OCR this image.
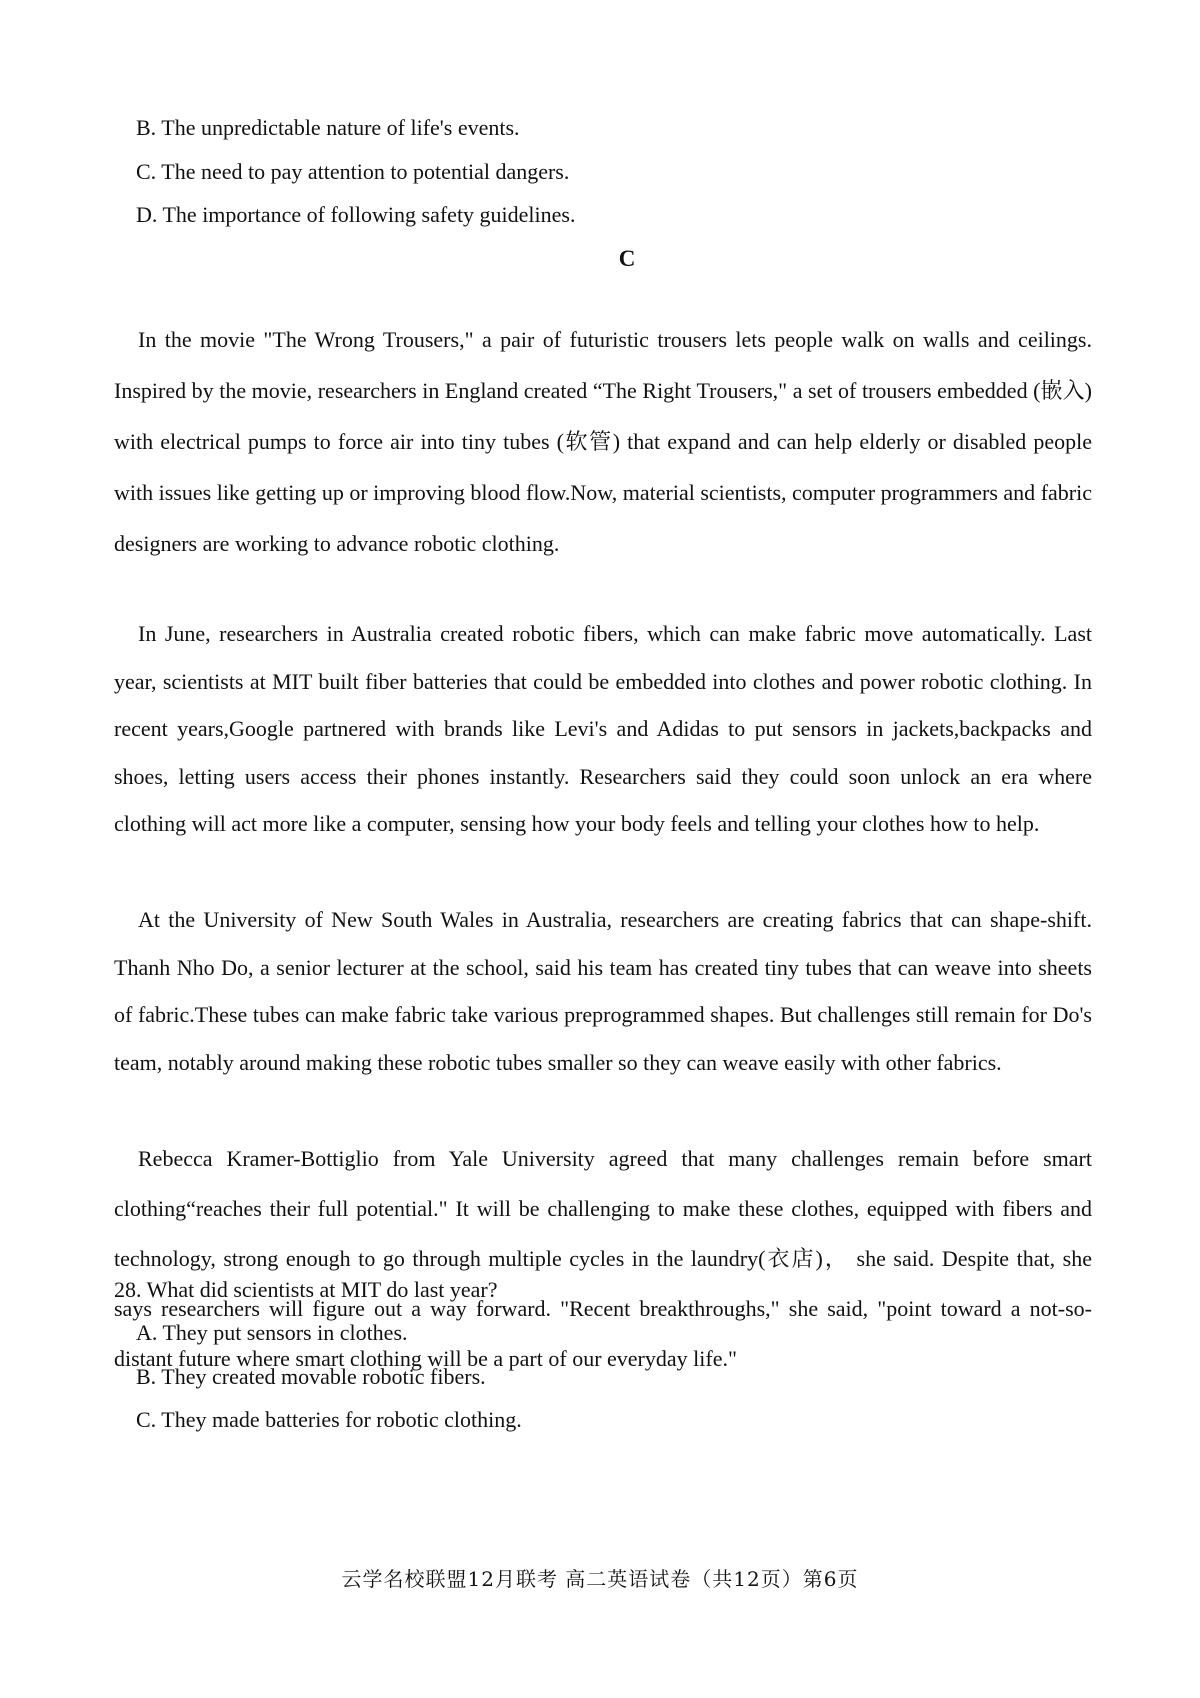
B. The unpredictable nature of life's events.
C. The need to pay attention to potential dangers.
D. The importance of following safety guidelines.
C

In the movie "The Wrong Trousers," a pair of futuristic trousers lets people walk on walls and ceilings. Inspired by the movie, researchers in England created “The Right Trousers," a set of trousers embedded (嵌入) with electrical pumps to force air into tiny tubes (软管) that expand and can help elderly or disabled people with issues like getting up or improving blood flow.Now, material scientists, computer programmers and fabric designers are working to advance robotic clothing.

In June, researchers in Australia created robotic fibers, which can make fabric move automatically. Last year, scientists at MIT built fiber batteries that could be embedded into clothes and power robotic clothing. In recent years,Google partnered with brands like Levi's and Adidas to put sensors in jackets,backpacks and shoes, letting users access their phones instantly. Researchers said they could soon unlock an era where clothing will act more like a computer, sensing how your body feels and telling your clothes how to help.

At the University of New South Wales in Australia, researchers are creating fabrics that can shape-shift. Thanh Nho Do, a senior lecturer at the school, said his team has created tiny tubes that can weave into sheets of fabric.These tubes can make fabric take various preprogrammed shapes. But challenges still remain for Do's team, notably around making these robotic tubes smaller so they can weave easily with other fabrics.

Rebecca Kramer-Bottiglio from Yale University agreed that many challenges remain before smart clothing“reaches their full potential." It will be challenging to make these clothes, equipped with fibers and technology, strong enough to go through multiple cycles in the laundry(衣店)， she said. Despite that, she says researchers will figure out a way forward. "Recent breakthroughs," she said, "point toward a not-so-distant future where smart clothing will be a part of our everyday life."

28. What did scientists at MIT do last year?
A. They put sensors in clothes.
B. They created movable robotic fibers.
C. They made batteries for robotic clothing.
云学名校联盟12月联考 高二英语试卷（共12页）第6页
